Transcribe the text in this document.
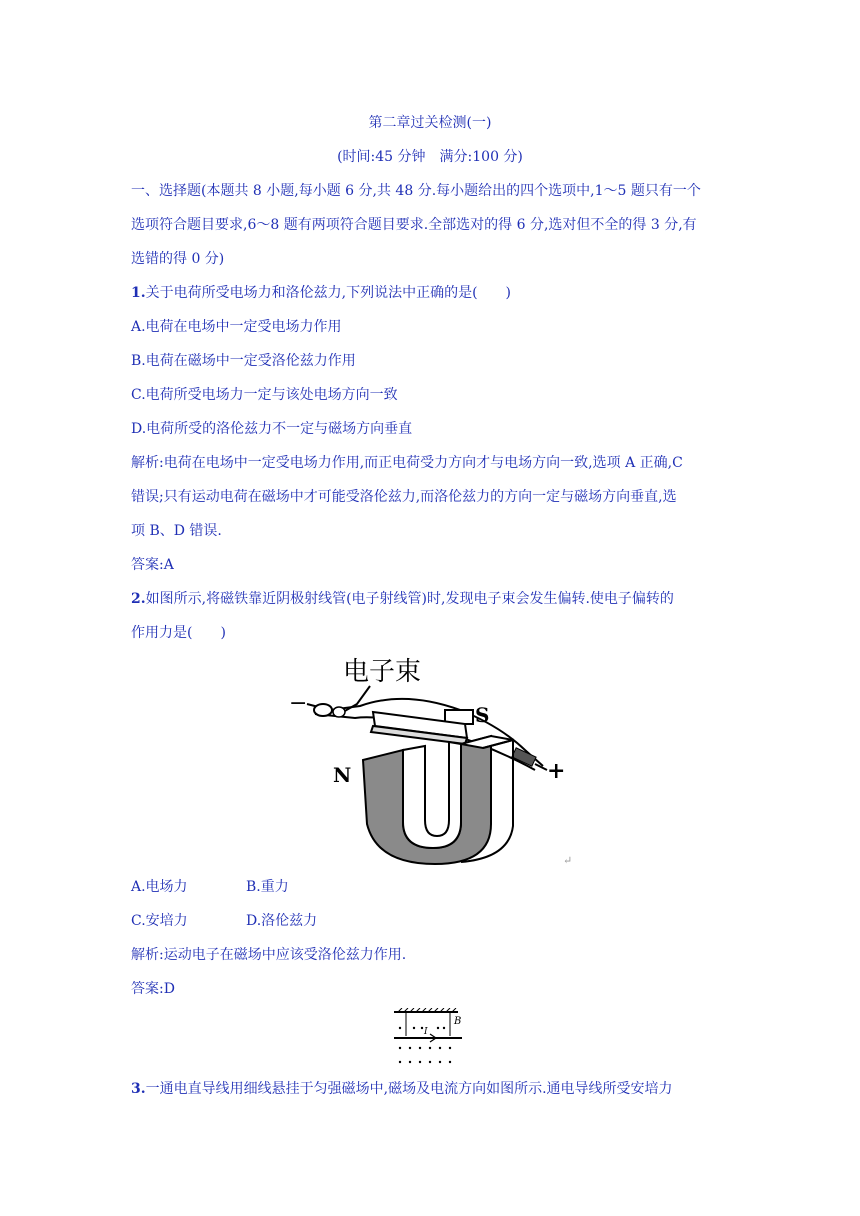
第二章过关检测(一)
(时间:45 分钟　满分:100 分)
一、选择题(本题共 8 小题,每小题 6 分,共 48 分.每小题给出的四个选项中,1～5 题只有一个
选项符合题目要求,6～8 题有两项符合题目要求.全部选对的得 6 分,选对但不全的得 3 分,有
选错的得 0 分)
1.关于电荷所受电场力和洛伦兹力,下列说法中正确的是(　　)
A.电荷在电场中一定受电场力作用
B.电荷在磁场中一定受洛伦兹力作用
C.电荷所受电场力一定与该处电场方向一致
D.电荷所受的洛伦兹力不一定与磁场方向垂直
解析:电荷在电场中一定受电场力作用,而正电荷受力方向才与电场方向一致,选项 A 正确,C
错误;只有运动电荷在磁场中才可能受洛伦兹力,而洛伦兹力的方向一定与磁场方向垂直,选
项 B、D 错误.
答案:A
2.如图所示,将磁铁靠近阴极射线管(电子射线管)时,发现电子束会发生偏转.使电子偏转的
作用力是(　　)
电子束
−	S
+
N
↵
A.电场力	B.重力
C.安培力	D.洛伦兹力
解析:运动电子在磁场中应该受洛伦兹力作用.
答案:D
I
B
3.一通电直导线用细线悬挂于匀强磁场中,磁场及电流方向如图所示.通电导线所受安培力
